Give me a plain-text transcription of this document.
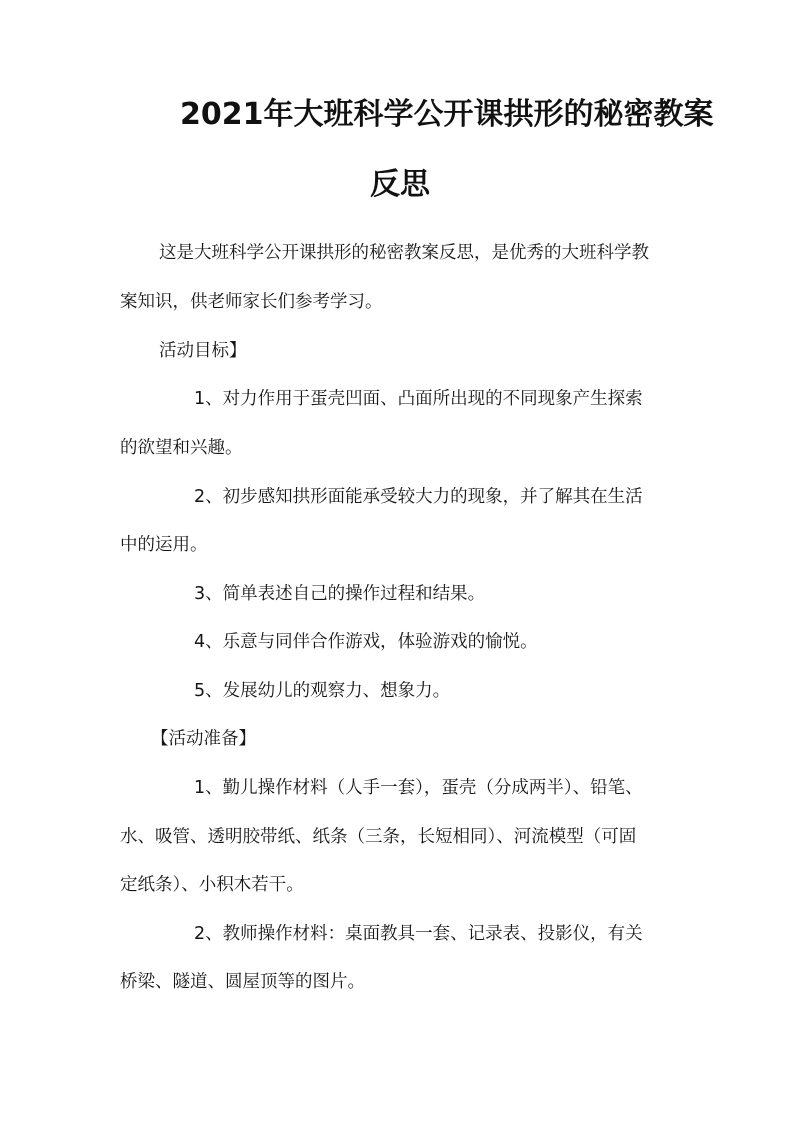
2021年大班科学公开课拱形的秘密教案
反思
这是大班科学公开课拱形的秘密教案反思，是优秀的大班科学教
案知识，供老师家长们参考学习。
活动目标】
1、对力作用于蛋壳凹面、凸面所出现的不同现象产生探索
的欲望和兴趣。
2、初步感知拱形面能承受较大力的现象，并了解其在生活
中的运用。
3、简单表述自己的操作过程和结果。
4、乐意与同伴合作游戏，体验游戏的愉悦。
5、发展幼儿的观察力、想象力。
【活动准备】
1、勤儿操作材料（人手一套），蛋壳（分成两半）、铅笔、
水、吸管、透明胶带纸、纸条（三条，长短相同）、河流模型（可固
定纸条）、小积木若干。
2、教师操作材料：桌面教具一套、记录表、投影仪，有关
桥梁、隧道、圆屋顶等的图片。
